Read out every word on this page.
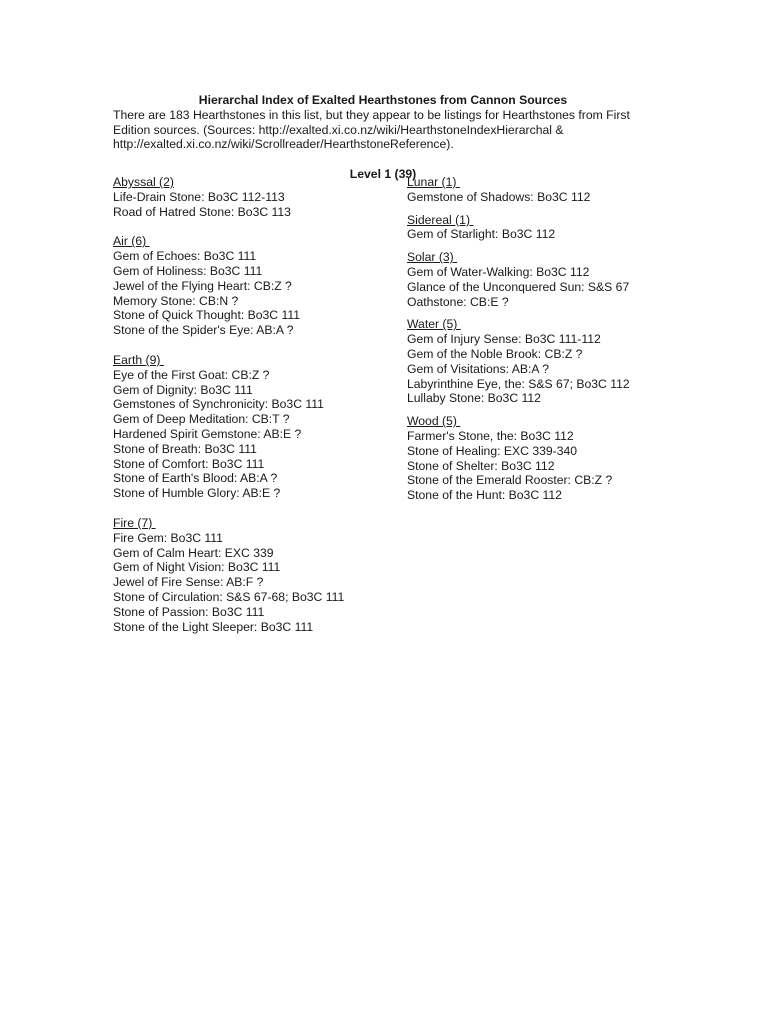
Hierarchal Index of Exalted Hearthstones from Cannon Sources

There are 183 Hearthstones in this list, but they appear to be listings for Hearthstones from First Edition sources. (Sources: http://exalted.xi.co.nz/wiki/HearthstoneIndexHierarchal & http://exalted.xi.co.nz/wiki/Scrollreader/HearthstoneReference).

Level 1 (39)

Abyssal (2)
Life-Drain Stone: Bo3C 112-113
Road of Hatred Stone: Bo3C 113
Air (6)
Gem of Echoes: Bo3C 111
Gem of Holiness: Bo3C 111
Jewel of the Flying Heart: CB:Z ?
Memory Stone: CB:N ?
Stone of Quick Thought: Bo3C 111
Stone of the Spider's Eye: AB:A ?
Earth (9)
Eye of the First Goat: CB:Z ?
Gem of Dignity: Bo3C 111
Gemstones of Synchronicity: Bo3C 111
Gem of Deep Meditation: CB:T ?
Hardened Spirit Gemstone: AB:E ?
Stone of Breath: Bo3C 111
Stone of Comfort: Bo3C 111
Stone of Earth's Blood: AB:A ?
Stone of Humble Glory: AB:E ?
Fire (7)
Fire Gem: Bo3C 111
Gem of Calm Heart: EXC 339
Gem of Night Vision: Bo3C 111
Jewel of Fire Sense: AB:F ?
Stone of Circulation: S&S 67-68; Bo3C 111
Stone of Passion: Bo3C 111
Stone of the Light Sleeper: Bo3C 111
Lunar (1)
Gemstone of Shadows: Bo3C 112
Sidereal (1)
Gem of Starlight: Bo3C 112
Solar (3)
Gem of Water-Walking: Bo3C 112
Glance of the Unconquered Sun: S&S 67
Oathstone: CB:E ?
Water (5)
Gem of Injury Sense: Bo3C 111-112
Gem of the Noble Brook: CB:Z ?
Gem of Visitations: AB:A ?
Labyrinthine Eye, the: S&S 67; Bo3C 112
Lullaby Stone: Bo3C 112
Wood (5)
Farmer's Stone, the: Bo3C 112
Stone of Healing: EXC 339-340
Stone of Shelter: Bo3C 112
Stone of the Emerald Rooster: CB:Z ?
Stone of the Hunt: Bo3C 112
